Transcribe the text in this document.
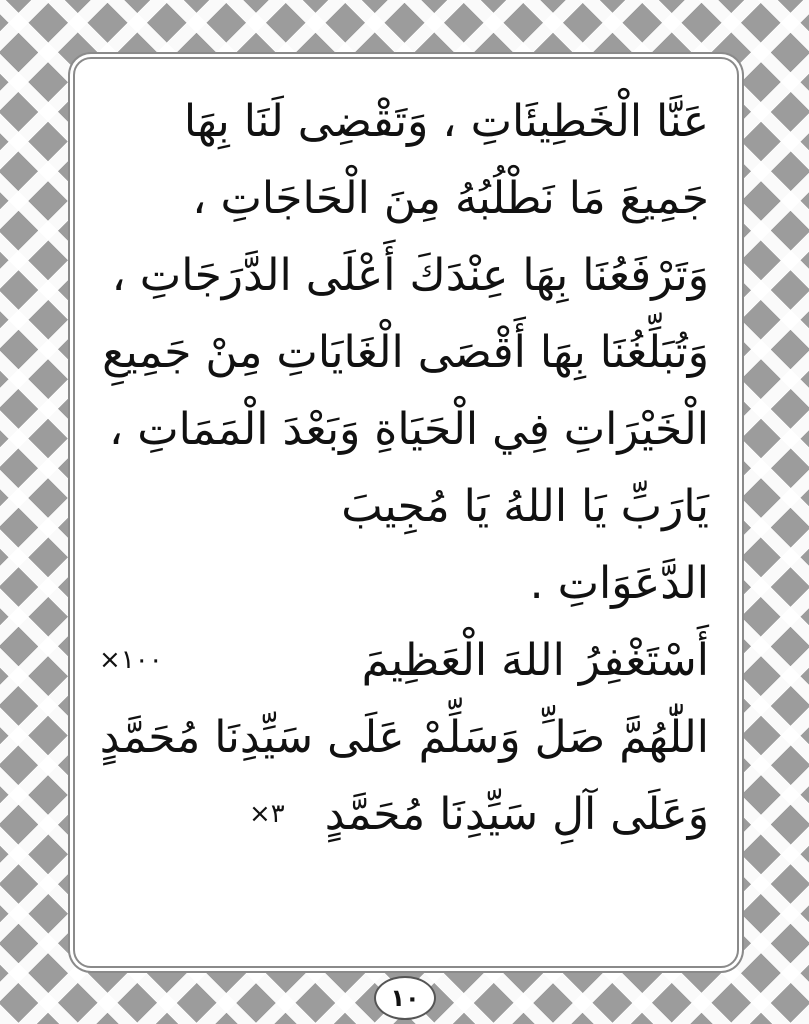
عَنَّا الْخَطِيئَاتِ ، وَتَقْضِى لَنَا بِهَا
جَمِيعَ مَا نَطْلُبُهُ مِنَ الْحَاجَاتِ ،
وَتَرْفَعُنَا بِهَا عِنْدَكَ أَعْلَى الدَّرَجَاتِ ،
وَتُبَلِّغُنَا بِهَا أَقْصَى الْغَايَاتِ مِنْ جَمِيعِ
الْخَيْرَاتِ فِي الْحَيَاةِ وَبَعْدَ الْمَمَاتِ ،
يَارَبِّ يَا اللهُ يَا مُجِيبَ
الدَّعَوَاتِ .
أَسْتَغْفِرُ اللهَ الْعَظِيمَ
١٠٠×
اللّٰهُمَّ صَلِّ وَسَلِّمْ عَلَى سَيِّدِنَا مُحَمَّدٍ
وَعَلَى آلِ سَيِّدِنَا مُحَمَّدٍ
٣×
١٠
